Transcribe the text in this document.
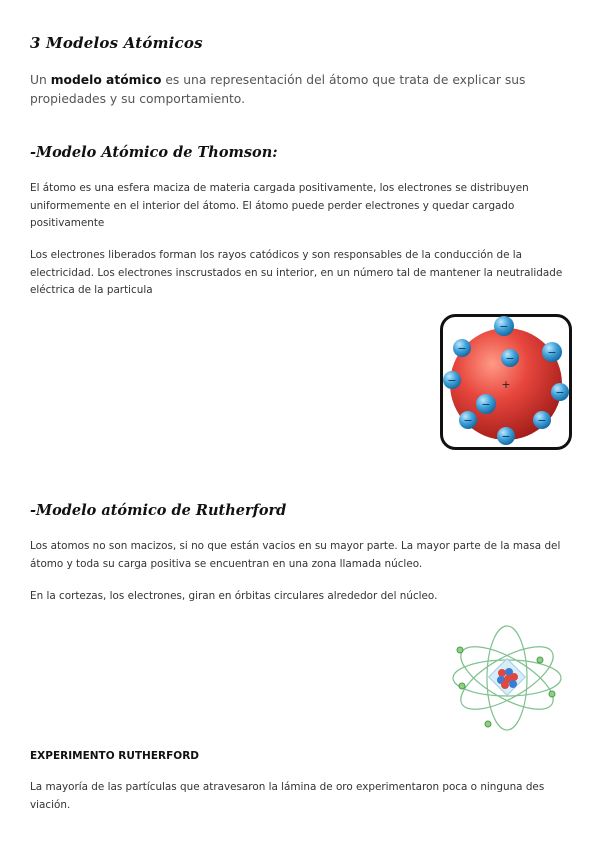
3 Modelos Atómicos

Un modelo atómico es una representación del átomo que trata de explicar sus propiedades y su comportamiento.

-Modelo Atómico de Thomson:

El átomo es una esfera maciza de materia cargada positivamente, los electrones se distribuyen uniformemente en el interior del átomo. El átomo puede perder electrones y quedar cargado positivamente

Los electrones liberados forman los rayos catódicos y son responsables de la conducción de la electricidad. Los electrones inscrustados en su interior, en un número tal de mantener la neutralidade eléctrica de la particula

+
−
−	−
−
−
−
−
−
−
−
-Modelo atómico de Rutherford

Los atomos no son macizos, si no que están vacios en su mayor parte. La mayor parte de la masa del átomo y toda su carga positiva se encuentran en una zona llamada núcleo.

En la cortezas, los electrones, giran en órbitas circulares alrededor del núcleo.

EXPERIMENTO RUTHERFORD

La mayoría de las partículas que atravesaron la lámina de oro experimentaron poca o ninguna des viación.
